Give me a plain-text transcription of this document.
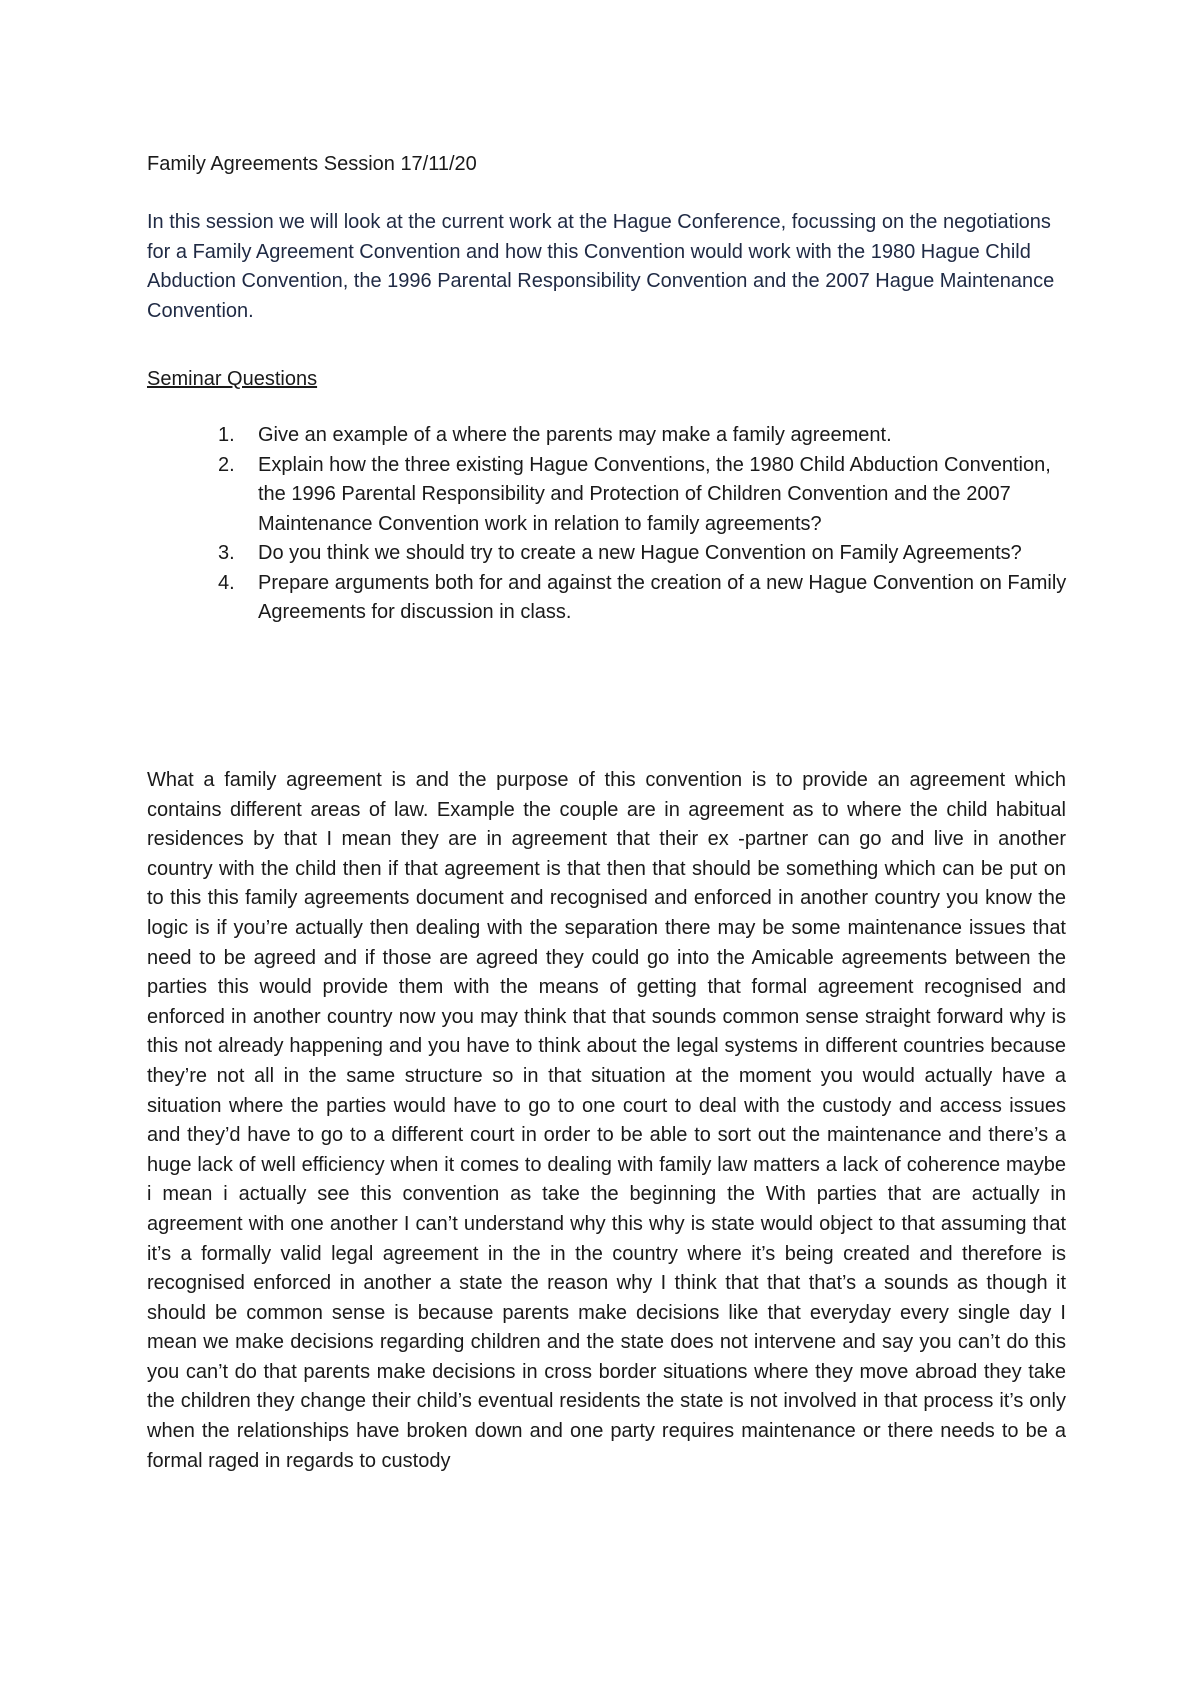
Family Agreements Session 17/11/20

In this session we will look at the current work at the Hague Conference, focussing on the negotiations for a Family Agreement Convention and how this Convention would work with the 1980 Hague Child Abduction Convention, the 1996 Parental Responsibility Convention and the 2007 Hague Maintenance Convention.

Seminar Questions

1. Give an example of a where the parents may make a family agreement.
2. Explain how the three existing Hague Conventions, the 1980 Child Abduction Convention, the 1996 Parental Responsibility and Protection of Children Convention and the 2007 Maintenance Convention work in relation to family agreements?
3. Do you think we should try to create a new Hague Convention on Family Agreements?
4. Prepare arguments both for and against the creation of a new Hague Convention on Family Agreements for discussion in class.

What a family agreement is and the purpose of this convention is to provide an agreement which contains different areas of law. Example the couple are in agreement as to where the child habitual residences by that I mean they are in agreement that their ex -partner can go and live in another country with the child then if that agreement is that then that should be something which can be put on to this this family agreements document and recognised and enforced in another country you know the logic is if you’re actually then dealing with the separation there may be some maintenance issues that need to be agreed and if those are agreed they could go into the Amicable agreements between the parties this would provide them with the means of getting that formal agreement recognised and enforced in another country now you may think that that sounds common sense straight forward why is this not already happening and you have to think about the legal systems in different countries because they’re not all in the same structure so in that situation at the moment you would actually have a situation where the parties would have to go to one court to deal with the custody and access issues and they’d have to go to a different court in order to be able to sort out the maintenance and there’s a huge lack of well efficiency when it comes to dealing with family law matters a lack of coherence maybe i mean i actually see this convention as take the beginning the With parties that are actually in agreement with one another I can’t understand why this why is state would object to that assuming that it’s a formally valid legal agreement in the in the country where it’s being created and therefore is recognised enforced in another a state the reason why I think that that that’s a sounds as though it should be common sense is because parents make decisions like that everyday every single day I mean we make decisions regarding children and the state does not intervene and say you can’t do this you can’t do that parents make decisions in cross border situations where they move abroad they take the children they change their child’s eventual residents the state is not involved in that process it’s only when the relationships have broken down and one party requires maintenance or there needs to be a formal raged in regards to custody
